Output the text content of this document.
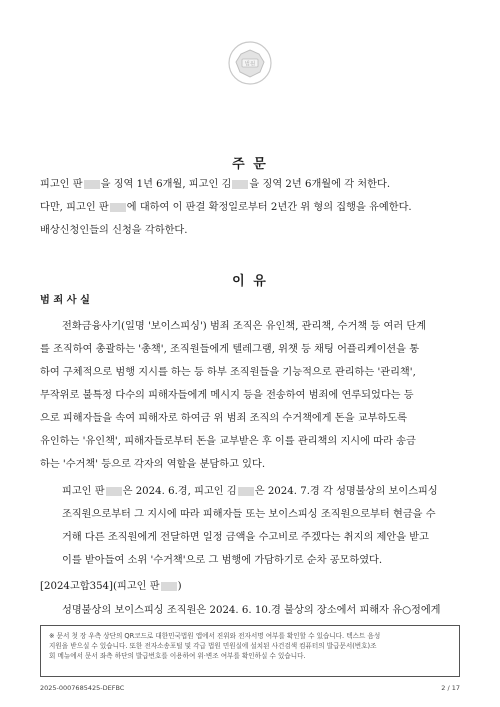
법원
주 문
피고인 판 을 징역 1년 6개월, 피고인 김 을 징역 2년 6개월에 각 처한다.
다만, 피고인 판 에 대하여 이 판결 확정일로부터 2년간 위 형의 집행을 유예한다.
배상신청인들의 신청을 각하한다.
이 유
범 죄 사 실
전화금융사기(일명 '보이스피싱') 범죄 조직은 유인책, 관리책, 수거책 등 여러 단계
를 조직하여 총괄하는 '총책', 조직원들에게 텔레그램, 위챗 등 채팅 어플리케이션을 통
하여 구체적으로 범행 지시를 하는 등 하부 조직원들을 기능적으로 관리하는 '관리책',
무작위로 불특정 다수의 피해자들에게 메시지 등을 전송하여 범죄에 연루되었다는 등
으로 피해자들을 속여 피해자로 하여금 위 범죄 조직의 수거책에게 돈을 교부하도록
유인하는 '유인책', 피해자들로부터 돈을 교부받은 후 이를 관리책의 지시에 따라 송금
하는 '수거책' 등으로 각자의 역할을 분담하고 있다.
피고인 판 은 2024. 6.경, 피고인 김 은 2024. 7.경 각 성명불상의 보이스피싱
조직원으로부터 그 지시에 따라 피해자들 또는 보이스피싱 조직원으로부터 현금을 수
거해 다른 조직원에게 전달하면 일정 금액을 수고비로 주겠다는 취지의 제안을 받고
이를 받아들여 소위 '수거책'으로 그 범행에 가담하기로 순차 공모하였다.
[2024고합354](피고인 판 )
성명불상의 보이스피싱 조직원은 2024. 6. 10.경 불상의 장소에서 피해자 유○정에게
※ 문서 첫 장 우측 상단의 QR코드로 대한민국법원 앱에서 진위와 전자서명 여부를 확인할 수 있습니다. 텍스트 음성
지원을 받으실 수 있습니다. 또한 전자소송포털 및 각급 법원 민원실에 설치된 사건검색 컴퓨터의 발급문서(번호)조
회 메뉴에서 문서 좌측 하단의 발급번호를 이용하여 위·변조 여부를 확인하실 수 있습니다.
2025-0007685425-DEFBC	2 / 17
